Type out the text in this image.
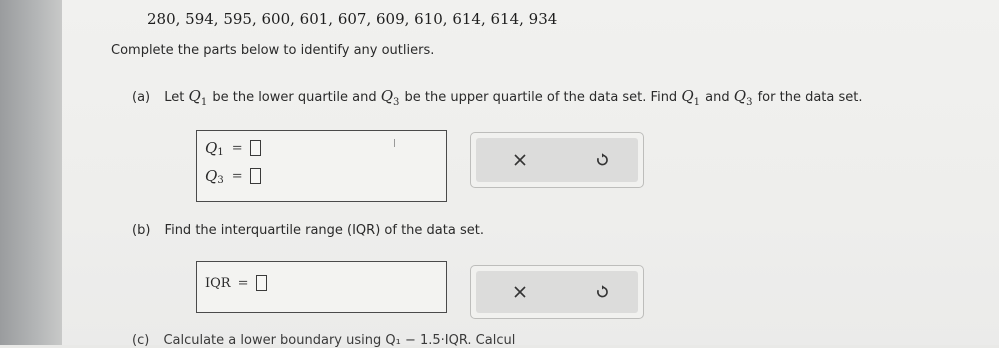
280, 594, 595, 600, 601, 607, 609, 610, 614, 614, 934
Complete the parts below to identify any outliers.
(a) Let $Q_1$ be the lower quartile and $Q_3$ be the upper quartile of the data set. Find $Q_1$ and $Q_3$ for the data set.
Q 1 =
Q 3 =
(b) Find the interquartile range (IQR) of the data set.
IQR =
(c) Calculate a lower boundary using Q₁ − 1.5·IQR. Calcul
